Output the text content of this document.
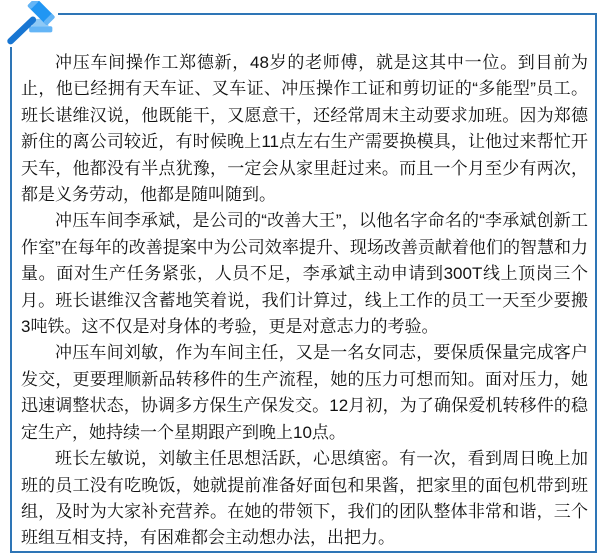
冲压车间操作工郑德新，48岁的老师傅，就是这其中一位。到目前为止，他已经拥有天车证、叉车证、冲压操作工证和剪切证的“多能型”员工。班长谌维汉说，他既能干，又愿意干，还经常周末主动要求加班。因为郑德新住的离公司较近，有时候晚上11点左右生产需要换模具，让他过来帮忙开天车，他都没有半点犹豫，一定会从家里赶过来。而且一个月至少有两次，都是义务劳动，他都是随叫随到。

冲压车间李承斌，是公司的“改善大王”，以他名字命名的“李承斌创新工作室”在每年的改善提案中为公司效率提升、现场改善贡献着他们的智慧和力量。面对生产任务紧张，人员不足，李承斌主动申请到300T线上顶岗三个月。班长谌维汉含蓄地笑着说，我们计算过，线上工作的员工一天至少要搬3吨铁。这不仅是对身体的考验，更是对意志力的考验。

冲压车间刘敏，作为车间主任，又是一名女同志，要保质保量完成客户发交，更要理顺新品转移件的生产流程，她的压力可想而知。面对压力，她迅速调整状态，协调多方保生产保发交。12月初，为了确保爱机转移件的稳定生产，她持续一个星期跟产到晚上10点。

班长左敏说，刘敏主任思想活跃，心思缜密。有一次，看到周日晚上加班的员工没有吃晚饭，她就提前准备好面包和果酱，把家里的面包机带到班组，及时为大家补充营养。在她的带领下，我们的团队整体非常和谐，三个班组互相支持，有困难都会主动想办法，出把力。
